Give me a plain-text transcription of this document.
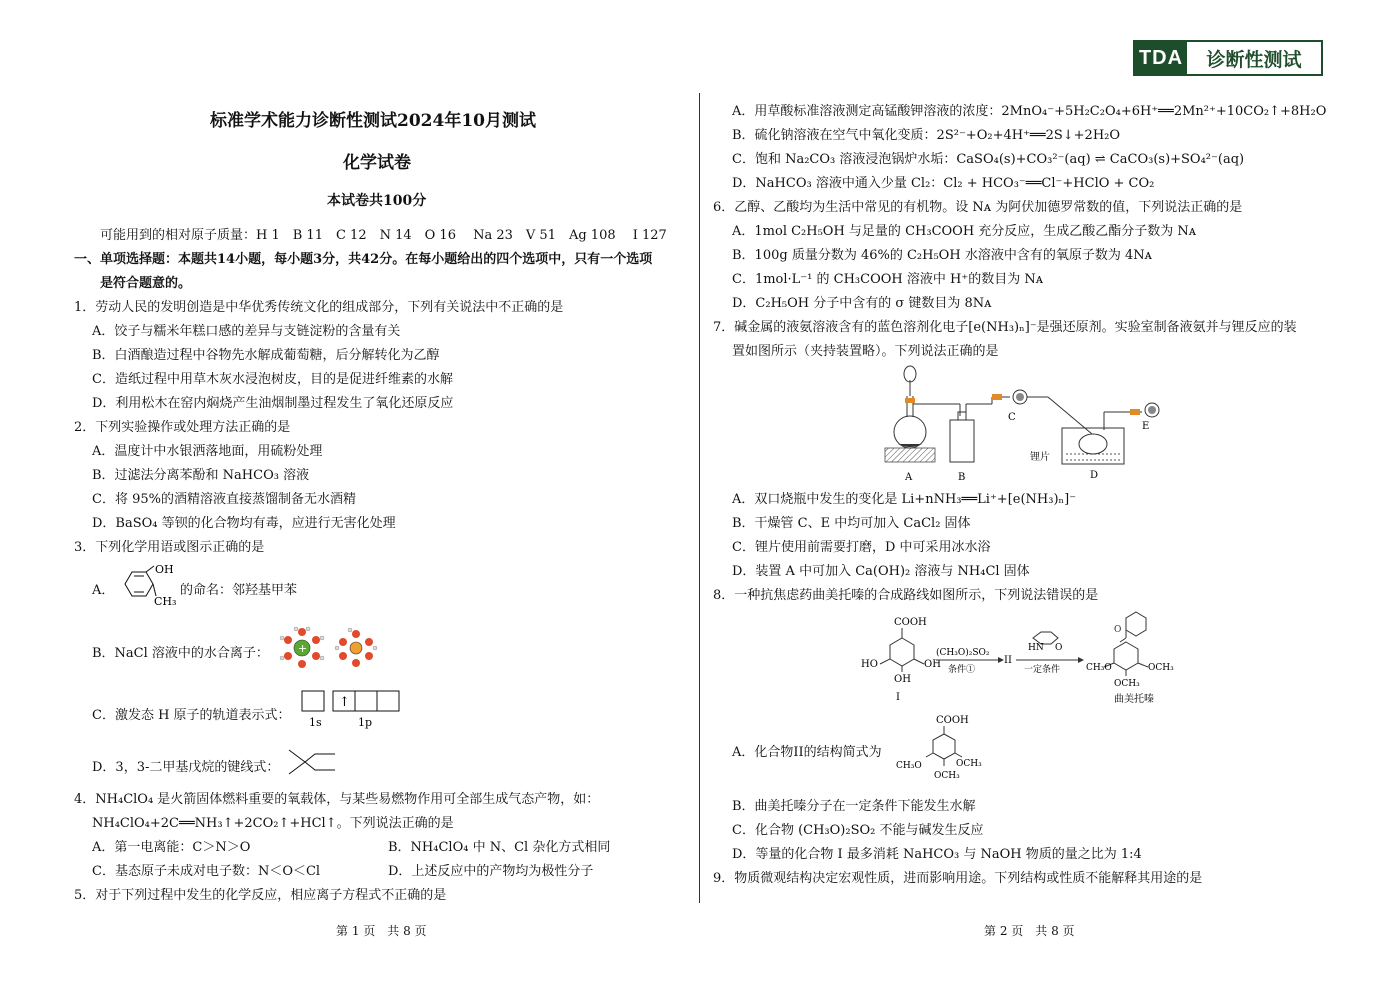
TDA	诊断性测试
标准学术能力诊断性测试2024年10月测试
化学试卷
本试卷共100分
可能用到的相对原子质量：H 1　B 11　C 12　N 14　O 16　 Na 23　V 51　Ag 108　 I 127
一、单项选择题：本题共14小题，每小题3分，共42分。在每小题给出的四个选项中，只有一个选项
是符合题意的。
1．劳动人民的发明创造是中华优秀传统文化的组成部分，下列有关说法中不正确的是
A．饺子与糯米年糕口感的差异与支链淀粉的含量有关
B．白酒酿造过程中谷物先水解成葡萄糖，后分解转化为乙醇
C．造纸过程中用草木灰水浸泡树皮，目的是促进纤维素的水解
D．利用松木在窑内焖烧产生油烟制墨过程发生了氧化还原反应
2．下列实验操作或处理方法正确的是
A．温度计中水银洒落地面，用硫粉处理
B．过滤法分离苯酚和 NaHCO₃ 溶液
C．将 95%的酒精溶液直接蒸馏制备无水酒精
D．BaSO₄ 等钡的化合物均有毒，应进行无害化处理
3．下列化学用语或图示正确的是
A．
OH
CH₃
的命名：邻羟基甲苯
B．NaCl 溶液中的水合离子：	+
C．激发态 H 原子的轨道表示式：
↑
1s	1p
D．3，3-二甲基戊烷的键线式：
4．NH₄ClO₄ 是火箭固体燃料重要的氧载体，与某些易燃物作用可全部生成气态产物，如：
NH₄ClO₄+2C══NH₃↑+2CO₂↑+HCl↑。下列说法正确的是
A．第一电离能：C＞N＞O	B．NH₄ClO₄ 中 N、Cl 杂化方式相同
C．基态原子未成对电子数：N＜O＜Cl	D．上述反应中的产物均为极性分子
5．对于下列过程中发生的化学反应，相应离子方程式不正确的是
A．用草酸标准溶液测定高锰酸钾溶液的浓度：2MnO₄⁻+5H₂C₂O₄+6H⁺══2Mn²⁺+10CO₂↑+8H₂O
B．硫化钠溶液在空气中氧化变质：2S²⁻+O₂+4H⁺══2S↓+2H₂O
C．饱和 Na₂CO₃ 溶液浸泡锅炉水垢：CaSO₄(s)+CO₃²⁻(aq) ⇌ CaCO₃(s)+SO₄²⁻(aq)
D．NaHCO₃ 溶液中通入少量 Cl₂：Cl₂ + HCO₃⁻══Cl⁻+HClO + CO₂
6．乙醇、乙酸均为生活中常见的有机物。设 Nᴀ 为阿伏加德罗常数的值，下列说法正确的是
A．1mol C₂H₅OH 与足量的 CH₃COOH 充分反应，生成乙酸乙酯分子数为 Nᴀ
B．100g 质量分数为 46%的 C₂H₅OH 水溶液中含有的氧原子数为 4Nᴀ
C．1mol·L⁻¹ 的 CH₃COOH 溶液中 H⁺的数目为 Nᴀ
D．C₂H₅OH 分子中含有的 σ 键数目为 8Nᴀ
7．碱金属的液氨溶液含有的蓝色溶剂化电子[e(NH₃)ₙ]⁻是强还原剂。实验室制备液氨并与锂反应的装
置如图所示（夹持装置略）。下列说法正确的是
A	B
C
D
E
锂片
A．双口烧瓶中发生的变化是 Li+nNH₃══Li⁺+[e(NH₃)ₙ]⁻
B．干燥管 C、E 中均可加入 CaCl₂ 固体
C．锂片使用前需要打磨，D 中可采用冰水浴
D．装置 A 中可加入 Ca(OH)₂ 溶液与 NH₄Cl 固体
8．一种抗焦虑药曲美托嗪的合成路线如图所示，下列说法错误的是
COOH
HO	OH
OH
I
(CH₃O)₂SO₂
条件①
II
HN O
一定条件
O
OCH₃
CH₃O
OCH₃
曲美托嗪
A．化合物II的结构简式为
COOH
CH₃O	OCH₃
OCH₃
B．曲美托嗪分子在一定条件下能发生水解
C．化合物 (CH₃O)₂SO₂ 不能与碱发生反应
D．等量的化合物 I 最多消耗 NaHCO₃ 与 NaOH 物质的量之比为 1:4
9．物质微观结构决定宏观性质，进而影响用途。下列结构或性质不能解释其用途的是
第 1 页　共 8 页	第 2 页　共 8 页
